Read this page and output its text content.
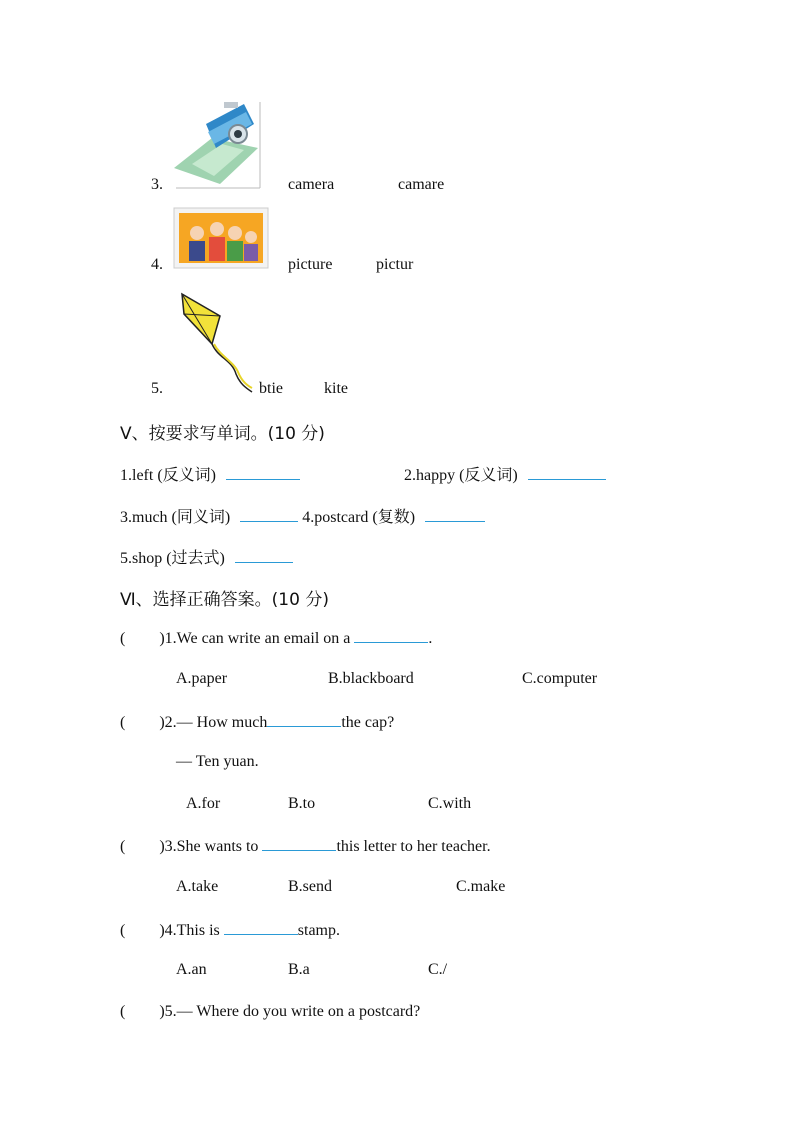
3.	camera	camare
4.	picture	pictur
5.	btie	kite
Ⅴ、按要求写单词。(10 分)
1.left (反义词)	2.happy (反义词)
3.much (同义词)	4.postcard (复数)
5.shop (过去式)
Ⅵ、选择正确答案。(10 分)
( )1.We can write an email on a	.
A.paper	B.blackboard	C.computer
( )2.— How much	the cap?
— Ten yuan.
A.for	B.to	C.with
( )3.She wants to	this letter to her teacher.
A.take	B.send	C.make
( )4.This is	stamp.
A.an	B.a	C./
( )5.— Where do you write on a postcard?
